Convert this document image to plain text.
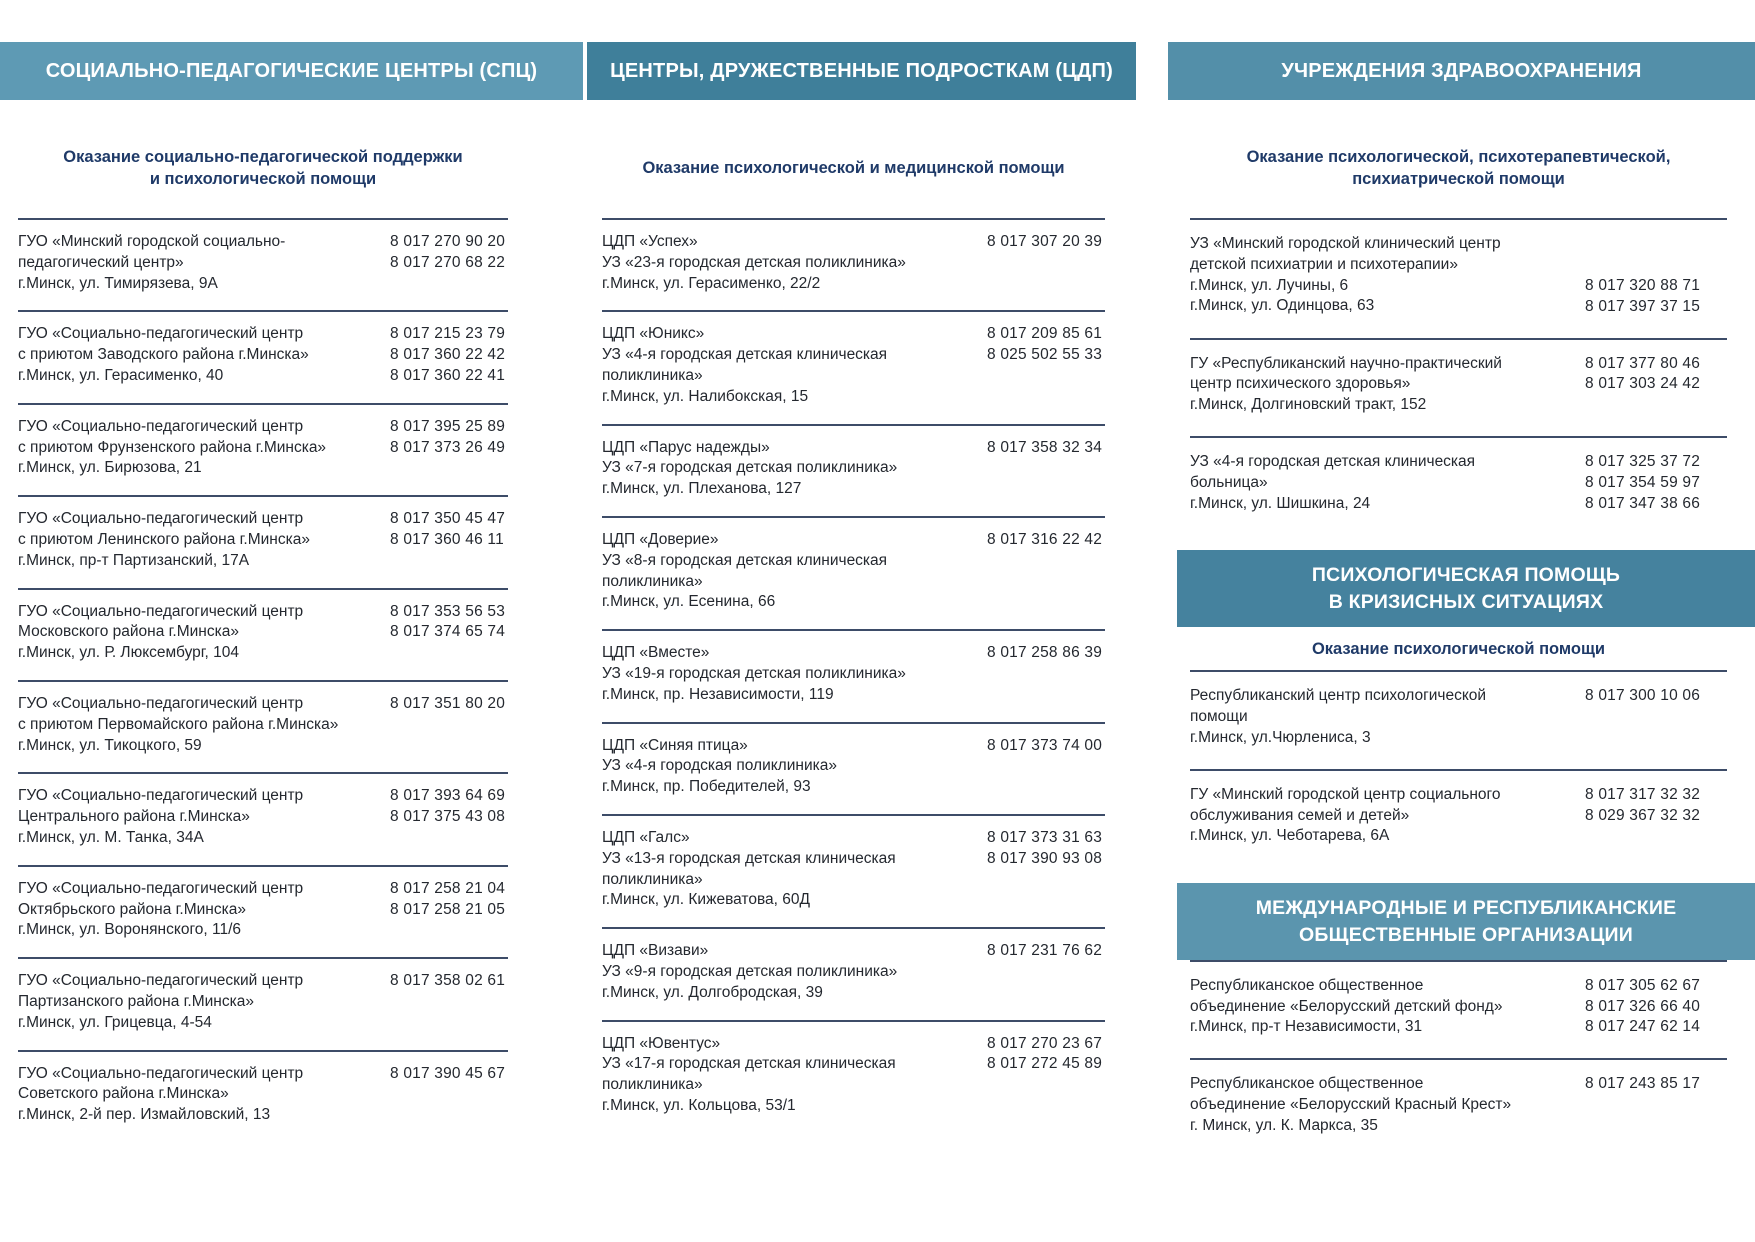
СОЦИАЛЬНО-ПЕДАГОГИЧЕСКИЕ ЦЕНТРЫ (СПЦ)	ЦЕНТРЫ, ДРУЖЕСТВЕННЫЕ ПОДРОСТКАМ (ЦДП)	УЧРЕЖДЕНИЯ ЗДРАВООХРАНЕНИЯ
Оказание социально-педагогической поддержки
и психологической помощи
ГУО «Минский городской социально-
педагогический центр»
г.Минск, ул. Тимирязева, 9А
8 017 270 90 20
8 017 270 68 22
ГУО «Социально-педагогический центр
с приютом Заводского района г.Минска»
г.Минск, ул. Герасименко, 40
8 017 215 23 79
8 017 360 22 42
8 017 360 22 41
ГУО «Социально-педагогический центр
с приютом Фрунзенского района г.Минска»
г.Минск, ул. Бирюзова, 21
8 017 395 25 89
8 017 373 26 49
ГУО «Социально-педагогический центр
с приютом Ленинского района г.Минска»
г.Минск, пр-т Партизанский, 17А
8 017 350 45 47
8 017 360 46 11
ГУО «Социально-педагогический центр
Московского района г.Минска»
г.Минск, ул. Р. Люксембург, 104
8 017 353 56 53
8 017 374 65 74
ГУО «Социально-педагогический центр
с приютом Первомайского района г.Минска»
г.Минск, ул. Тикоцкого, 59
8 017 351 80 20
ГУО «Социально-педагогический центр
Центрального района г.Минска»
г.Минск, ул. М. Танка, 34А
8 017 393 64 69
8 017 375 43 08
ГУО «Социально-педагогический центр
Октябрьского района г.Минска»
г.Минск, ул. Воронянского, 11/6
8 017 258 21 04
8 017 258 21 05
ГУО «Социально-педагогический центр
Партизанского района г.Минска»
г.Минск, ул. Грицевца, 4-54
8 017 358 02 61
ГУО «Социально-педагогический центр
Советского района г.Минска»
г.Минск, 2-й пер. Измайловский, 13
8 017 390 45 67
Оказание психологической и медицинской помощи
ЦДП «Успех»
УЗ «23-я городская детская поликлиника»
г.Минск, ул. Герасименко, 22/2
8 017 307 20 39
ЦДП «Юникс»
УЗ «4-я городская детская клиническая
поликлиника»
г.Минск, ул. Налибокская, 15
8 017 209 85 61
8 025 502 55 33
ЦДП «Парус надежды»
УЗ «7-я городская детская поликлиника»
г.Минск, ул. Плеханова, 127
8 017 358 32 34
ЦДП «Доверие»
УЗ «8-я городская детская клиническая
поликлиника»
г.Минск, ул. Есенина, 66
8 017 316 22 42
ЦДП «Вместе»
УЗ «19-я городская детская поликлиника»
г.Минск, пр. Независимости, 119
8 017 258 86 39
ЦДП «Синяя птица»
УЗ «4-я городская поликлиника»
г.Минск, пр. Победителей, 93
8 017 373 74 00
ЦДП «Галс»
УЗ «13-я городская детская клиническая
поликлиника»
г.Минск, ул. Кижеватова, 60Д
8 017 373 31 63
8 017 390 93 08
ЦДП «Визави»
УЗ «9-я городская детская поликлиника»
г.Минск, ул. Долгобродская, 39
8 017 231 76 62
ЦДП «Ювентус»
УЗ «17-я городская детская клиническая
поликлиника»
г.Минск, ул. Кольцова, 53/1
8 017 270 23 67
8 017 272 45 89
Оказание психологической, психотерапевтической,
психиатрической помощи
УЗ «Минский городской клинический центр
детской психиатрии и психотерапии»
г.Минск, ул. Лучины, 6
г.Минск, ул. Одинцова, 63
8 017 320 88 71
8 017 397 37 15
ГУ «Республиканский научно-практический
центр психического здоровья»
г.Минск, Долгиновский тракт, 152
8 017 377 80 46
8 017 303 24 42
УЗ «4-я городская детская клиническая
больница»
г.Минск, ул. Шишкина, 24
8 017 325 37 72
8 017 354 59 97
8 017 347 38 66
ПСИХОЛОГИЧЕСКАЯ ПОМОЩЬ
В КРИЗИСНЫХ СИТУАЦИЯХ
Оказание психологической помощи
Республиканский центр психологической
помощи
г.Минск, ул.Чюрлениса, 3
8 017 300 10 06
ГУ «Минский городской центр социального
обслуживания семей и детей»
г.Минск, ул. Чеботарева, 6А
8 017 317 32 32
8 029 367 32 32
МЕЖДУНАРОДНЫЕ И РЕСПУБЛИКАНСКИЕ
ОБЩЕСТВЕННЫЕ ОРГАНИЗАЦИИ
Республиканское общественное
объединение «Белорусский детский фонд»
г.Минск, пр-т Независимости, 31
8 017 305 62 67
8 017 326 66 40
8 017 247 62 14
Республиканское общественное
объединение «Белорусский Красный Крест»
г. Минск, ул. К. Маркса, 35
8 017 243 85 17
